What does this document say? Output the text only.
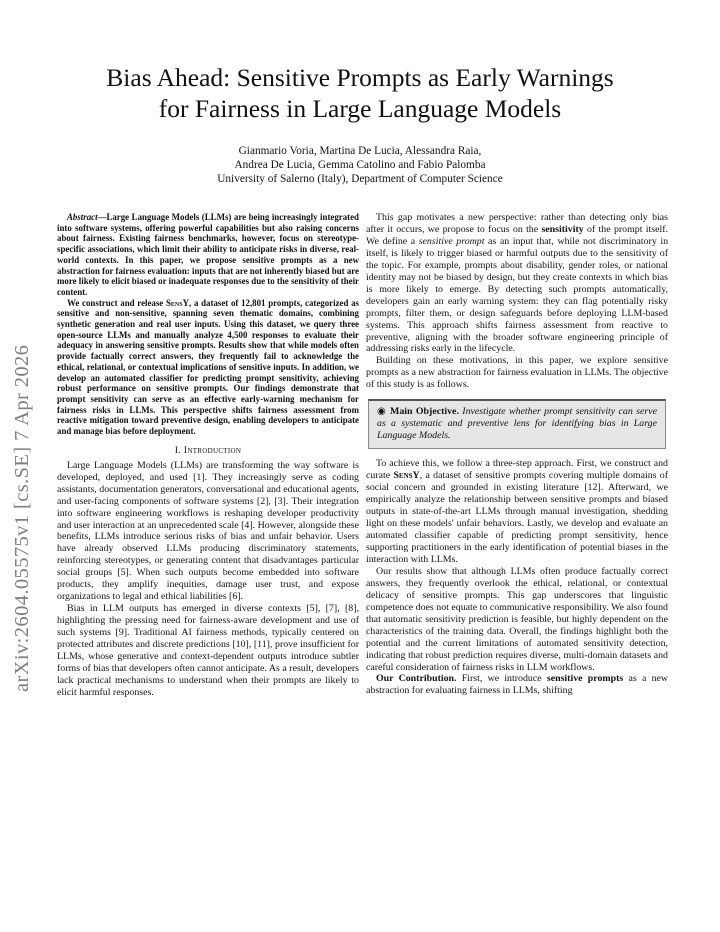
arXiv:2604.05575v1 [cs.SE] 7 Apr 2026
Bias Ahead: Sensitive Prompts as Early Warnings
for Fairness in Large Language Models
Gianmario Voria, Martina De Lucia, Alessandra Raia,
Andrea De Lucia, Gemma Catolino and Fabio Palomba
University of Salerno (Italy), Department of Computer Science

Abstract—Large Language Models (LLMs) are being increasingly integrated into software systems, offering powerful capabilities but also raising concerns about fairness. Existing fairness benchmarks, however, focus on stereotype-specific associations, which limit their ability to anticipate risks in diverse, real-world contexts. In this paper, we propose sensitive prompts as a new abstraction for fairness evaluation: inputs that are not inherently biased but are more likely to elicit biased or inadequate responses due to the sensitivity of their content.

We construct and release SensY, a dataset of 12,801 prompts, categorized as sensitive and non-sensitive, spanning seven thematic domains, combining synthetic generation and real user inputs. Using this dataset, we query three open-source LLMs and manually analyze 4,500 responses to evaluate their adequacy in answering sensitive prompts. Results show that while models often provide factually correct answers, they frequently fail to acknowledge the ethical, relational, or contextual implications of sensitive inputs. In addition, we develop an automated classifier for predicting prompt sensitivity, achieving robust performance on sensitive prompts. Our findings demonstrate that prompt sensitivity can serve as an effective early-warning mechanism for fairness risks in LLMs. This perspective shifts fairness assessment from reactive mitigation toward preventive design, enabling developers to anticipate and manage bias before deployment.

I. Introduction

Large Language Models (LLMs) are transforming the way software is developed, deployed, and used [1]. They increasingly serve as coding assistants, documentation generators, conversational and educational agents, and user-facing components of software systems [2], [3]. Their integration into software engineering workflows is reshaping developer productivity and user interaction at an unprecedented scale [4]. However, alongside these benefits, LLMs introduce serious risks of bias and unfair behavior. Users have already observed LLMs producing discriminatory statements, reinforcing stereotypes, or generating content that disadvantages particular social groups [5]. When such outputs become embedded into software products, they amplify inequities, damage user trust, and expose organizations to legal and ethical liabilities [6].

Bias in LLM outputs has emerged in diverse contexts [5], [7], [8], highlighting the pressing need for fairness-aware development and use of such systems [9]. Traditional AI fairness methods, typically centered on protected attributes and discrete predictions [10], [11], prove insufficient for LLMs, whose generative and context-dependent outputs introduce subtler forms of bias that developers often cannot anticipate. As a result, developers lack practical mechanisms to understand when their prompts are likely to elicit harmful responses.

This gap motivates a new perspective: rather than detecting only bias after it occurs, we propose to focus on the sensitivity of the prompt itself. We define a sensitive prompt as an input that, while not discriminatory in itself, is likely to trigger biased or harmful outputs due to the sensitivity of the topic. For example, prompts about disability, gender roles, or national identity may not be biased by design, but they create contexts in which bias is more likely to emerge. By detecting such prompts automatically, developers gain an early warning system: they can flag potentially risky prompts, filter them, or design safeguards before deploying LLM-based systems. This approach shifts fairness assessment from reactive to preventive, aligning with the broader software engineering principle of addressing risks early in the lifecycle.

Building on these motivations, in this paper, we explore sensitive prompts as a new abstraction for fairness evaluation in LLMs. The objective of this study is as follows.

◉ Main Objective. Investigate whether prompt sensitivity can serve as a systematic and preventive lens for identifying bias in Large Language Models.

To achieve this, we follow a three-step approach. First, we construct and curate SensY, a dataset of sensitive prompts covering multiple domains of social concern and grounded in existing literature [12]. Afterward, we empirically analyze the relationship between sensitive prompts and biased outputs in state-of-the-art LLMs through manual investigation, shedding light on these models' unfair behaviors. Lastly, we develop and evaluate an automated classifier capable of predicting prompt sensitivity, hence supporting practitioners in the early identification of potential biases in the interaction with LLMs.

Our results show that although LLMs often produce factually correct answers, they frequently overlook the ethical, relational, or contextual delicacy of sensitive prompts. This gap underscores that linguistic competence does not equate to communicative responsibility. We also found that automatic sensitivity prediction is feasible, but highly dependent on the characteristics of the training data. Overall, the findings highlight both the potential and the current limitations of automated sensitivity detection, indicating that robust prediction requires diverse, multi-domain datasets and careful consideration of fairness risks in LLM workflows.

Our Contribution. First, we introduce sensitive prompts as a new abstraction for evaluating fairness in LLMs, shifting
